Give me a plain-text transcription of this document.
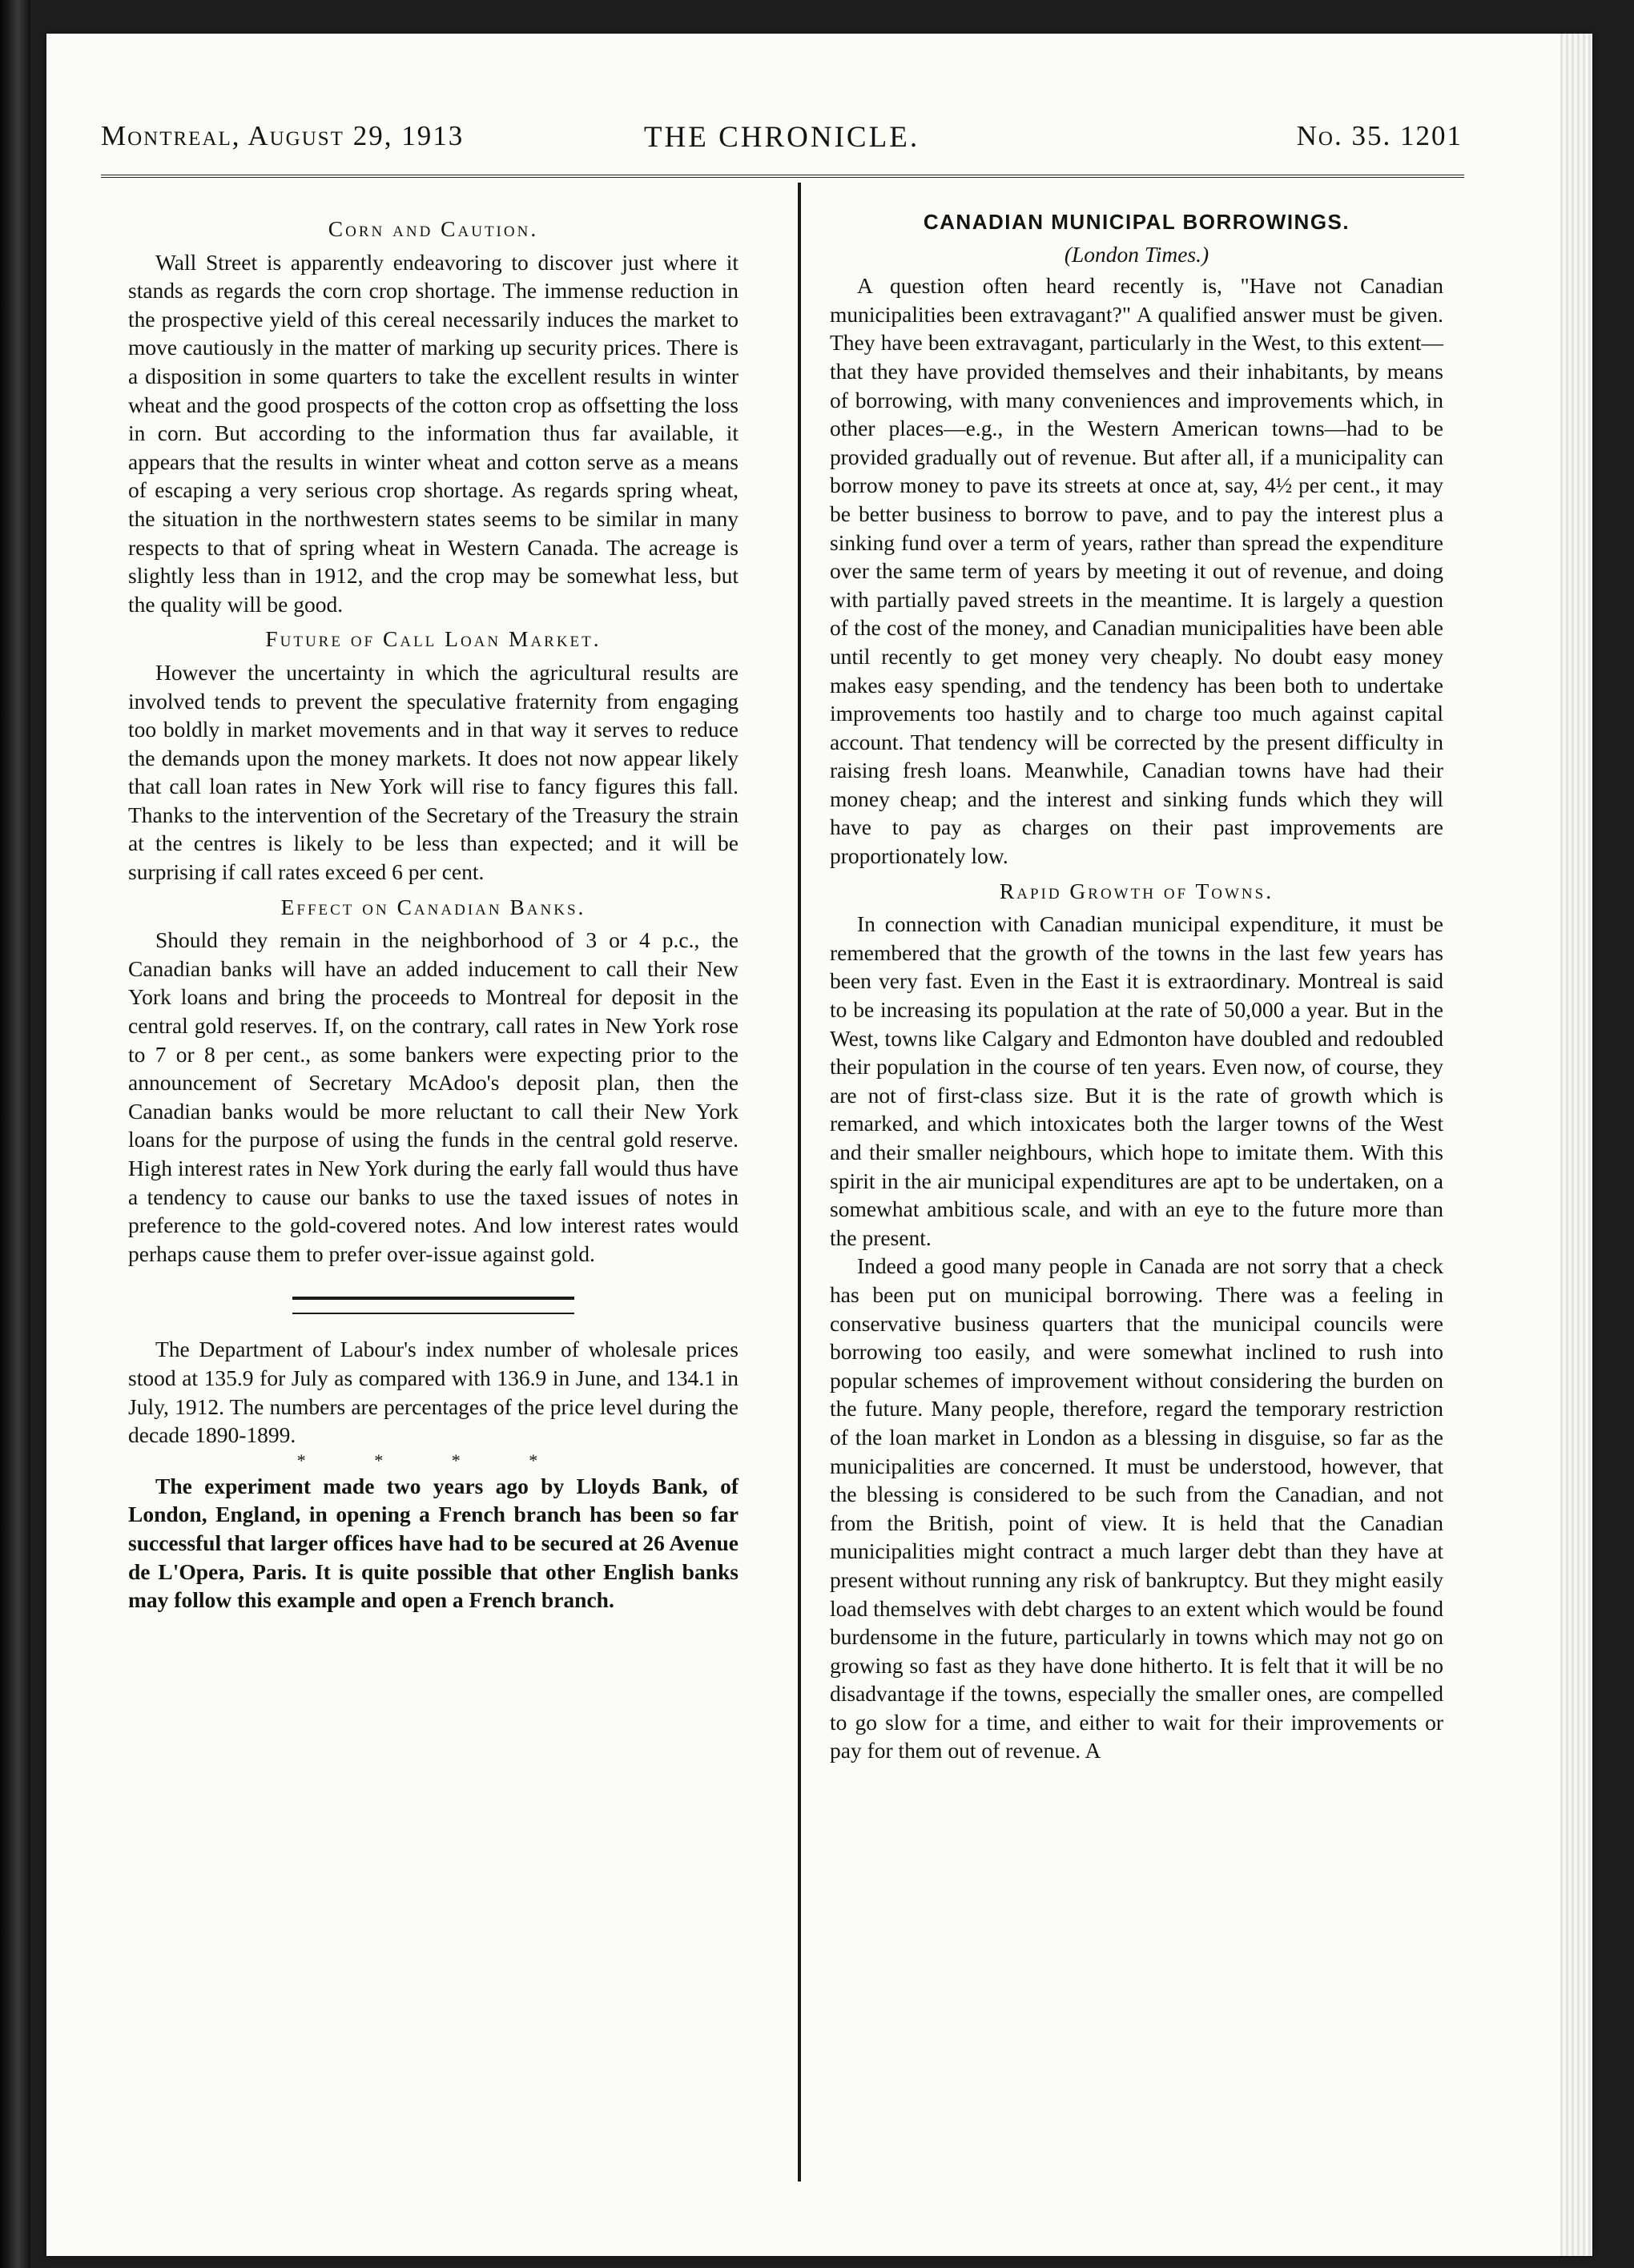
Montreal, August 29, 1913	THE CHRONICLE.	No. 35. 1201
Corn and Caution.

Wall Street is apparently endeavoring to discover just where it stands as regards the corn crop shortage. The immense reduction in the prospective yield of this cereal necessarily induces the market to move cautiously in the matter of marking up security prices. There is a disposition in some quarters to take the excellent results in winter wheat and the good prospects of the cotton crop as offsetting the loss in corn. But according to the information thus far available, it appears that the results in winter wheat and cotton serve as a means of escaping a very serious crop shortage. As regards spring wheat, the situation in the northwestern states seems to be similar in many respects to that of spring wheat in Western Canada. The acreage is slightly less than in 1912, and the crop may be somewhat less, but the quality will be good.

Future of Call Loan Market.

However the uncertainty in which the agricultural results are involved tends to prevent the speculative fraternity from engaging too boldly in market movements and in that way it serves to reduce the demands upon the money markets. It does not now appear likely that call loan rates in New York will rise to fancy figures this fall. Thanks to the intervention of the Secretary of the Treasury the strain at the centres is likely to be less than expected; and it will be surprising if call rates exceed 6 per cent.

Effect on Canadian Banks.

Should they remain in the neighborhood of 3 or 4 p.c., the Canadian banks will have an added inducement to call their New York loans and bring the proceeds to Montreal for deposit in the central gold reserves. If, on the contrary, call rates in New York rose to 7 or 8 per cent., as some bankers were expecting prior to the announcement of Secretary McAdoo's deposit plan, then the Canadian banks would be more reluctant to call their New York loans for the purpose of using the funds in the central gold reserve. High interest rates in New York during the early fall would thus have a tendency to cause our banks to use the taxed issues of notes in preference to the gold-covered notes. And low interest rates would perhaps cause them to prefer over-issue against gold.

The Department of Labour's index number of wholesale prices stood at 135.9 for July as compared with 136.9 in June, and 134.1 in July, 1912. The numbers are percentages of the price level during the decade 1890-1899.

* * * *

The experiment made two years ago by Lloyds Bank, of London, England, in opening a French branch has been so far successful that larger offices have had to be secured at 26 Avenue de L'Opera, Paris. It is quite possible that other English banks may follow this example and open a French branch.

CANADIAN MUNICIPAL BORROWINGS.
(London Times.)

A question often heard recently is, "Have not Canadian municipalities been extravagant?" A qualified answer must be given. They have been extravagant, particularly in the West, to this extent—that they have provided themselves and their inhabitants, by means of borrowing, with many conveniences and improvements which, in other places—e.g., in the Western American towns—had to be provided gradually out of revenue. But after all, if a municipality can borrow money to pave its streets at once at, say, 4½ per cent., it may be better business to borrow to pave, and to pay the interest plus a sinking fund over a term of years, rather than spread the expenditure over the same term of years by meeting it out of revenue, and doing with partially paved streets in the meantime. It is largely a question of the cost of the money, and Canadian municipalities have been able until recently to get money very cheaply. No doubt easy money makes easy spending, and the tendency has been both to undertake improvements too hastily and to charge too much against capital account. That tendency will be corrected by the present difficulty in raising fresh loans. Meanwhile, Canadian towns have had their money cheap; and the interest and sinking funds which they will have to pay as charges on their past improvements are proportionately low.

Rapid Growth of Towns.

In connection with Canadian municipal expenditure, it must be remembered that the growth of the towns in the last few years has been very fast. Even in the East it is extraordinary. Montreal is said to be increasing its population at the rate of 50,000 a year. But in the West, towns like Calgary and Edmonton have doubled and redoubled their population in the course of ten years. Even now, of course, they are not of first-class size. But it is the rate of growth which is remarked, and which intoxicates both the larger towns of the West and their smaller neighbours, which hope to imitate them. With this spirit in the air municipal expenditures are apt to be undertaken, on a somewhat ambitious scale, and with an eye to the future more than the present.

Indeed a good many people in Canada are not sorry that a check has been put on municipal borrowing. There was a feeling in conservative business quarters that the municipal councils were borrowing too easily, and were somewhat inclined to rush into popular schemes of improvement without considering the burden on the future. Many people, therefore, regard the temporary restriction of the loan market in London as a blessing in disguise, so far as the municipalities are concerned. It must be understood, however, that the blessing is considered to be such from the Canadian, and not from the British, point of view. It is held that the Canadian municipalities might contract a much larger debt than they have at present without running any risk of bankruptcy. But they might easily load themselves with debt charges to an extent which would be found burdensome in the future, particularly in towns which may not go on growing so fast as they have done hitherto. It is felt that it will be no disadvantage if the towns, especially the smaller ones, are compelled to go slow for a time, and either to wait for their improvements or pay for them out of revenue. A
